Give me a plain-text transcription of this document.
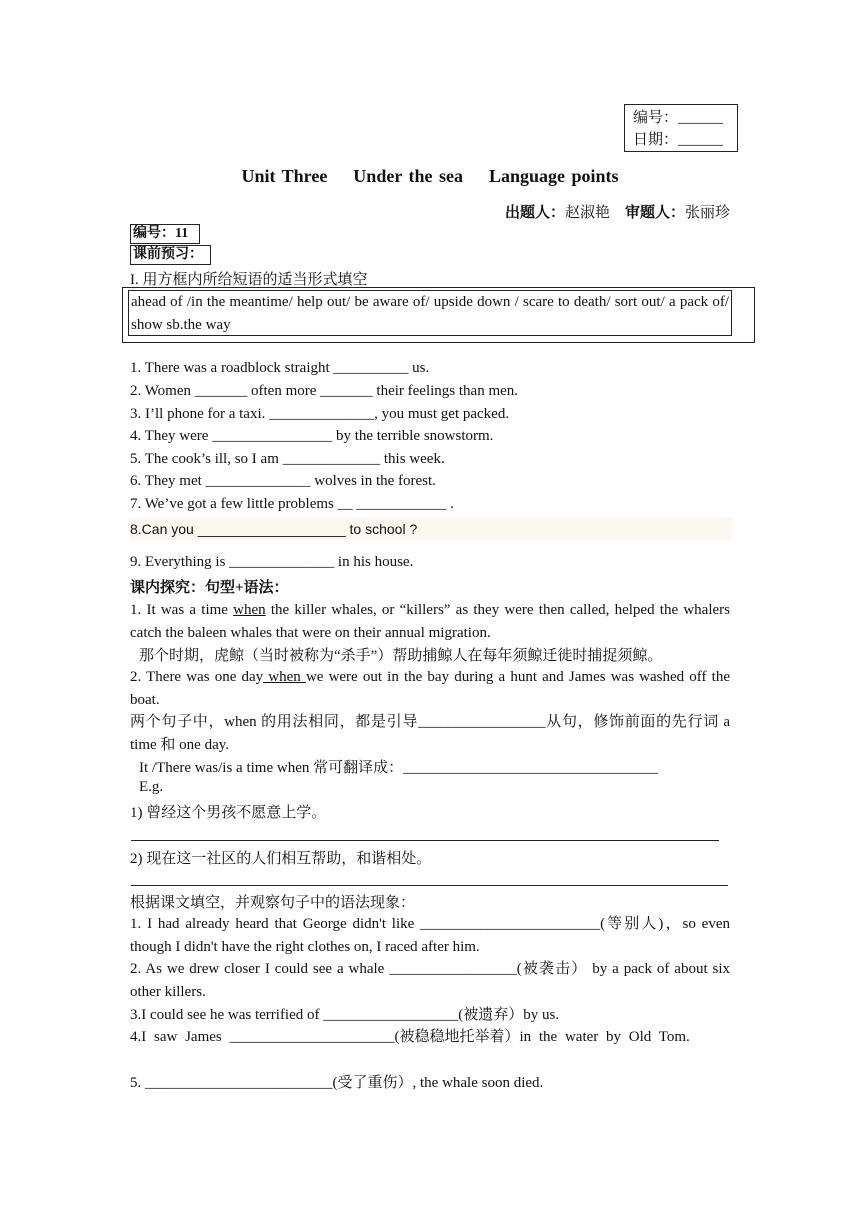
编号：______
日期：______
Unit Three    Under the sea    Language points
出题人：赵淑艳 审题人：张丽珍
编号：11
课前预习：
I. 用方框内所给短语的适当形式填空
ahead of /in the meantime/ help out/ be aware of/ upside down / scare to death/ sort out/ a pack of/ show sb.the way
1. There was a roadblock straight __________ us.
2. Women _______ often more _______ their feelings than men.
3. I’ll phone for a taxi. ______________, you must get packed.
4. They were ________________ by the terrible snowstorm.
5. The cook’s ill, so I am _____________ this week.
6. They met ______________ wolves in the forest.
7. We’ve got a few little problems __ ____________ .
8.Can you ___________________ to school ?
9. Everything is ______________ in his house.
课内探究：句型+语法：
1. It was a time when the killer whales, or “killers” as they were then called, helped the whalers catch the baleen whales that were on their annual migration.
那个时期，虎鲸（当时被称为“杀手”）帮助捕鲸人在每年须鲸迁徙时捕捉须鲸。
2. There was one day when we were out in the bay during a hunt and James was washed off the boat.
两个句子中，when 的用法相同，都是引导_________________从句，修饰前面的先行词 a time 和 one day.
It /There was/is a time when 常可翻译成：__________________________________
E.g.
1) 曾经这个男孩不愿意上学。
2) 现在这一社区的人们相互帮助，和谐相处。
根据课文填空，并观察句子中的语法现象：
1. I had already heard that George didn't like ________________________(等别人)，so even though I didn't have the right clothes on, I raced after him.
2. As we drew closer I could see a whale _________________(被袭击） by a pack of about six other killers.
3.I could see he was terrified of __________________(被遗弃）by us.
4.I saw James ______________________(被稳稳地托举着）in the water by Old Tom.
5. _________________________(受了重伤）, the whale soon died.
